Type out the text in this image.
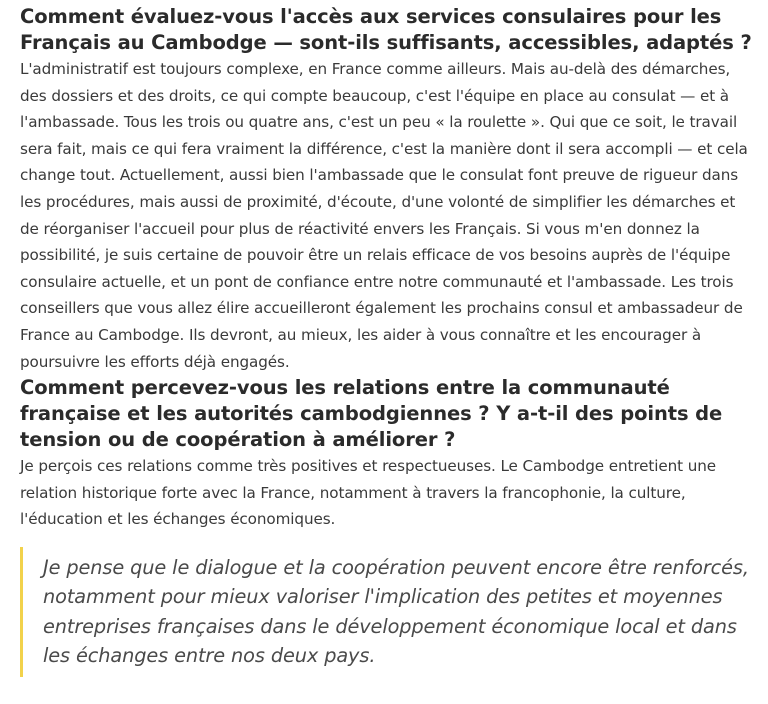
Comment évaluez-vous l'accès aux services consulaires pour les Français au Cambodge — sont-ils suffisants, accessibles, adaptés ?

L'administratif est toujours complexe, en France comme ailleurs. Mais au-delà des démarches, des dossiers et des droits, ce qui compte beaucoup, c'est l'équipe en place au consulat — et à l'ambassade. Tous les trois ou quatre ans, c'est un peu « la roulette ». Qui que ce soit, le travail sera fait, mais ce qui fera vraiment la différence, c'est la manière dont il sera accompli — et cela change tout. Actuellement, aussi bien l'ambassade que le consulat font preuve de rigueur dans les procédures, mais aussi de proximité, d'écoute, d'une volonté de simplifier les démarches et de réorganiser l'accueil pour plus de réactivité envers les Français. Si vous m'en donnez la possibilité, je suis certaine de pouvoir être un relais efficace de vos besoins auprès de l'équipe consulaire actuelle, et un pont de confiance entre notre communauté et l'ambassade. Les trois conseillers que vous allez élire accueilleront également les prochains consul et ambassadeur de France au Cambodge. Ils devront, au mieux, les aider à vous connaître et les encourager à poursuivre les efforts déjà engagés.

Comment percevez-vous les relations entre la communauté française et les autorités cambodgiennes ? Y a-t-il des points de tension ou de coopération à améliorer ?

Je perçois ces relations comme très positives et respectueuses. Le Cambodge entretient une relation historique forte avec la France, notamment à travers la francophonie, la culture, l'éducation et les échanges économiques.

Je pense que le dialogue et la coopération peuvent encore être renforcés, notamment pour mieux valoriser l'implication des petites et moyennes entreprises françaises dans le développement économique local et dans les échanges entre nos deux pays.
